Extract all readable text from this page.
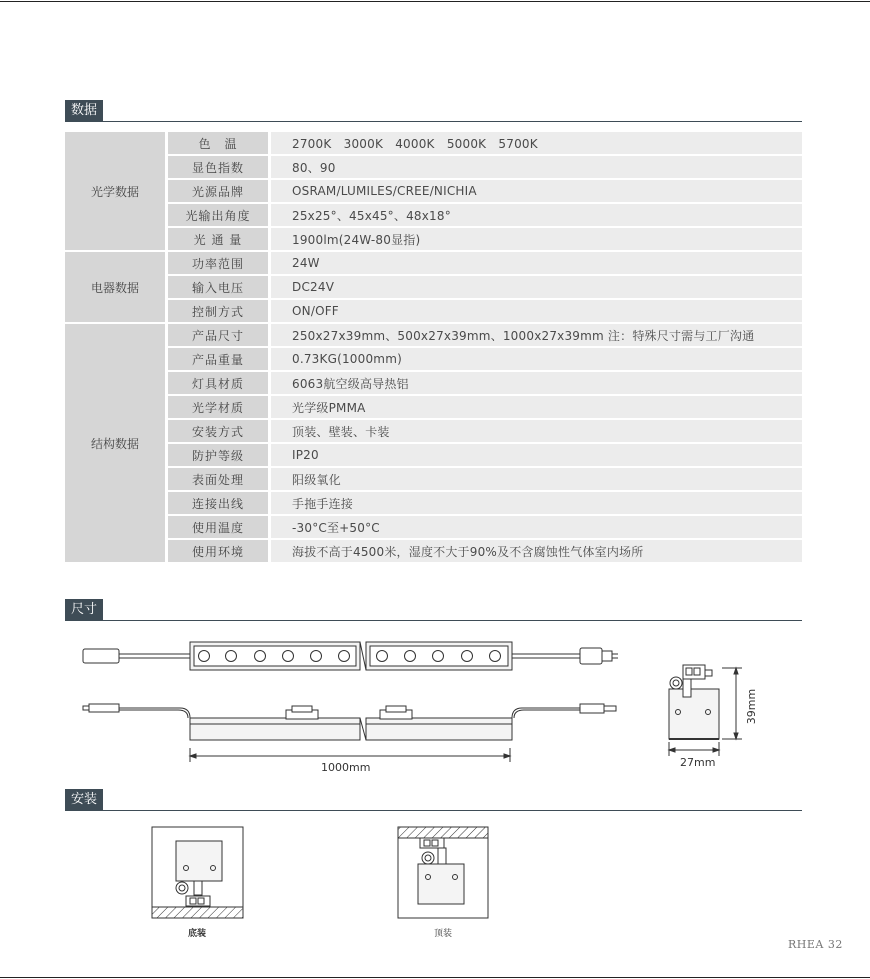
数据
光学数据	色　温	2700K　3000K　4000K　5000K　5700K
	显色指数	80、90
	光源品牌	OSRAM/LUMILES/CREE/NICHIA
	光输出角度	25x25°、45x45°、48x18°
	光 通 量	1900lm(24W-80显指)
电器数据	功率范围	24W
	输入电压	DC24V
	控制方式	ON/OFF
结构数据	产品尺寸	250x27x39mm、500x27x39mm、1000x27x39mm 注：特殊尺寸需与工厂沟通
	产品重量	0.73KG(1000mm)
	灯具材质	6063航空级高导热铝
	光学材质	光学级PMMA
	安装方式	顶装、壁装、卡装
	防护等级	IP20
	表面处理	阳级氧化
	连接出线	手拖手连接
	使用温度	-30°C至+50°C
	使用环境	海拔不高于4500米，湿度不大于90%及不含腐蚀性气体室内场所
尺寸
1000mm
39mm
27mm
安装
底装	顶装
RHEA 32
